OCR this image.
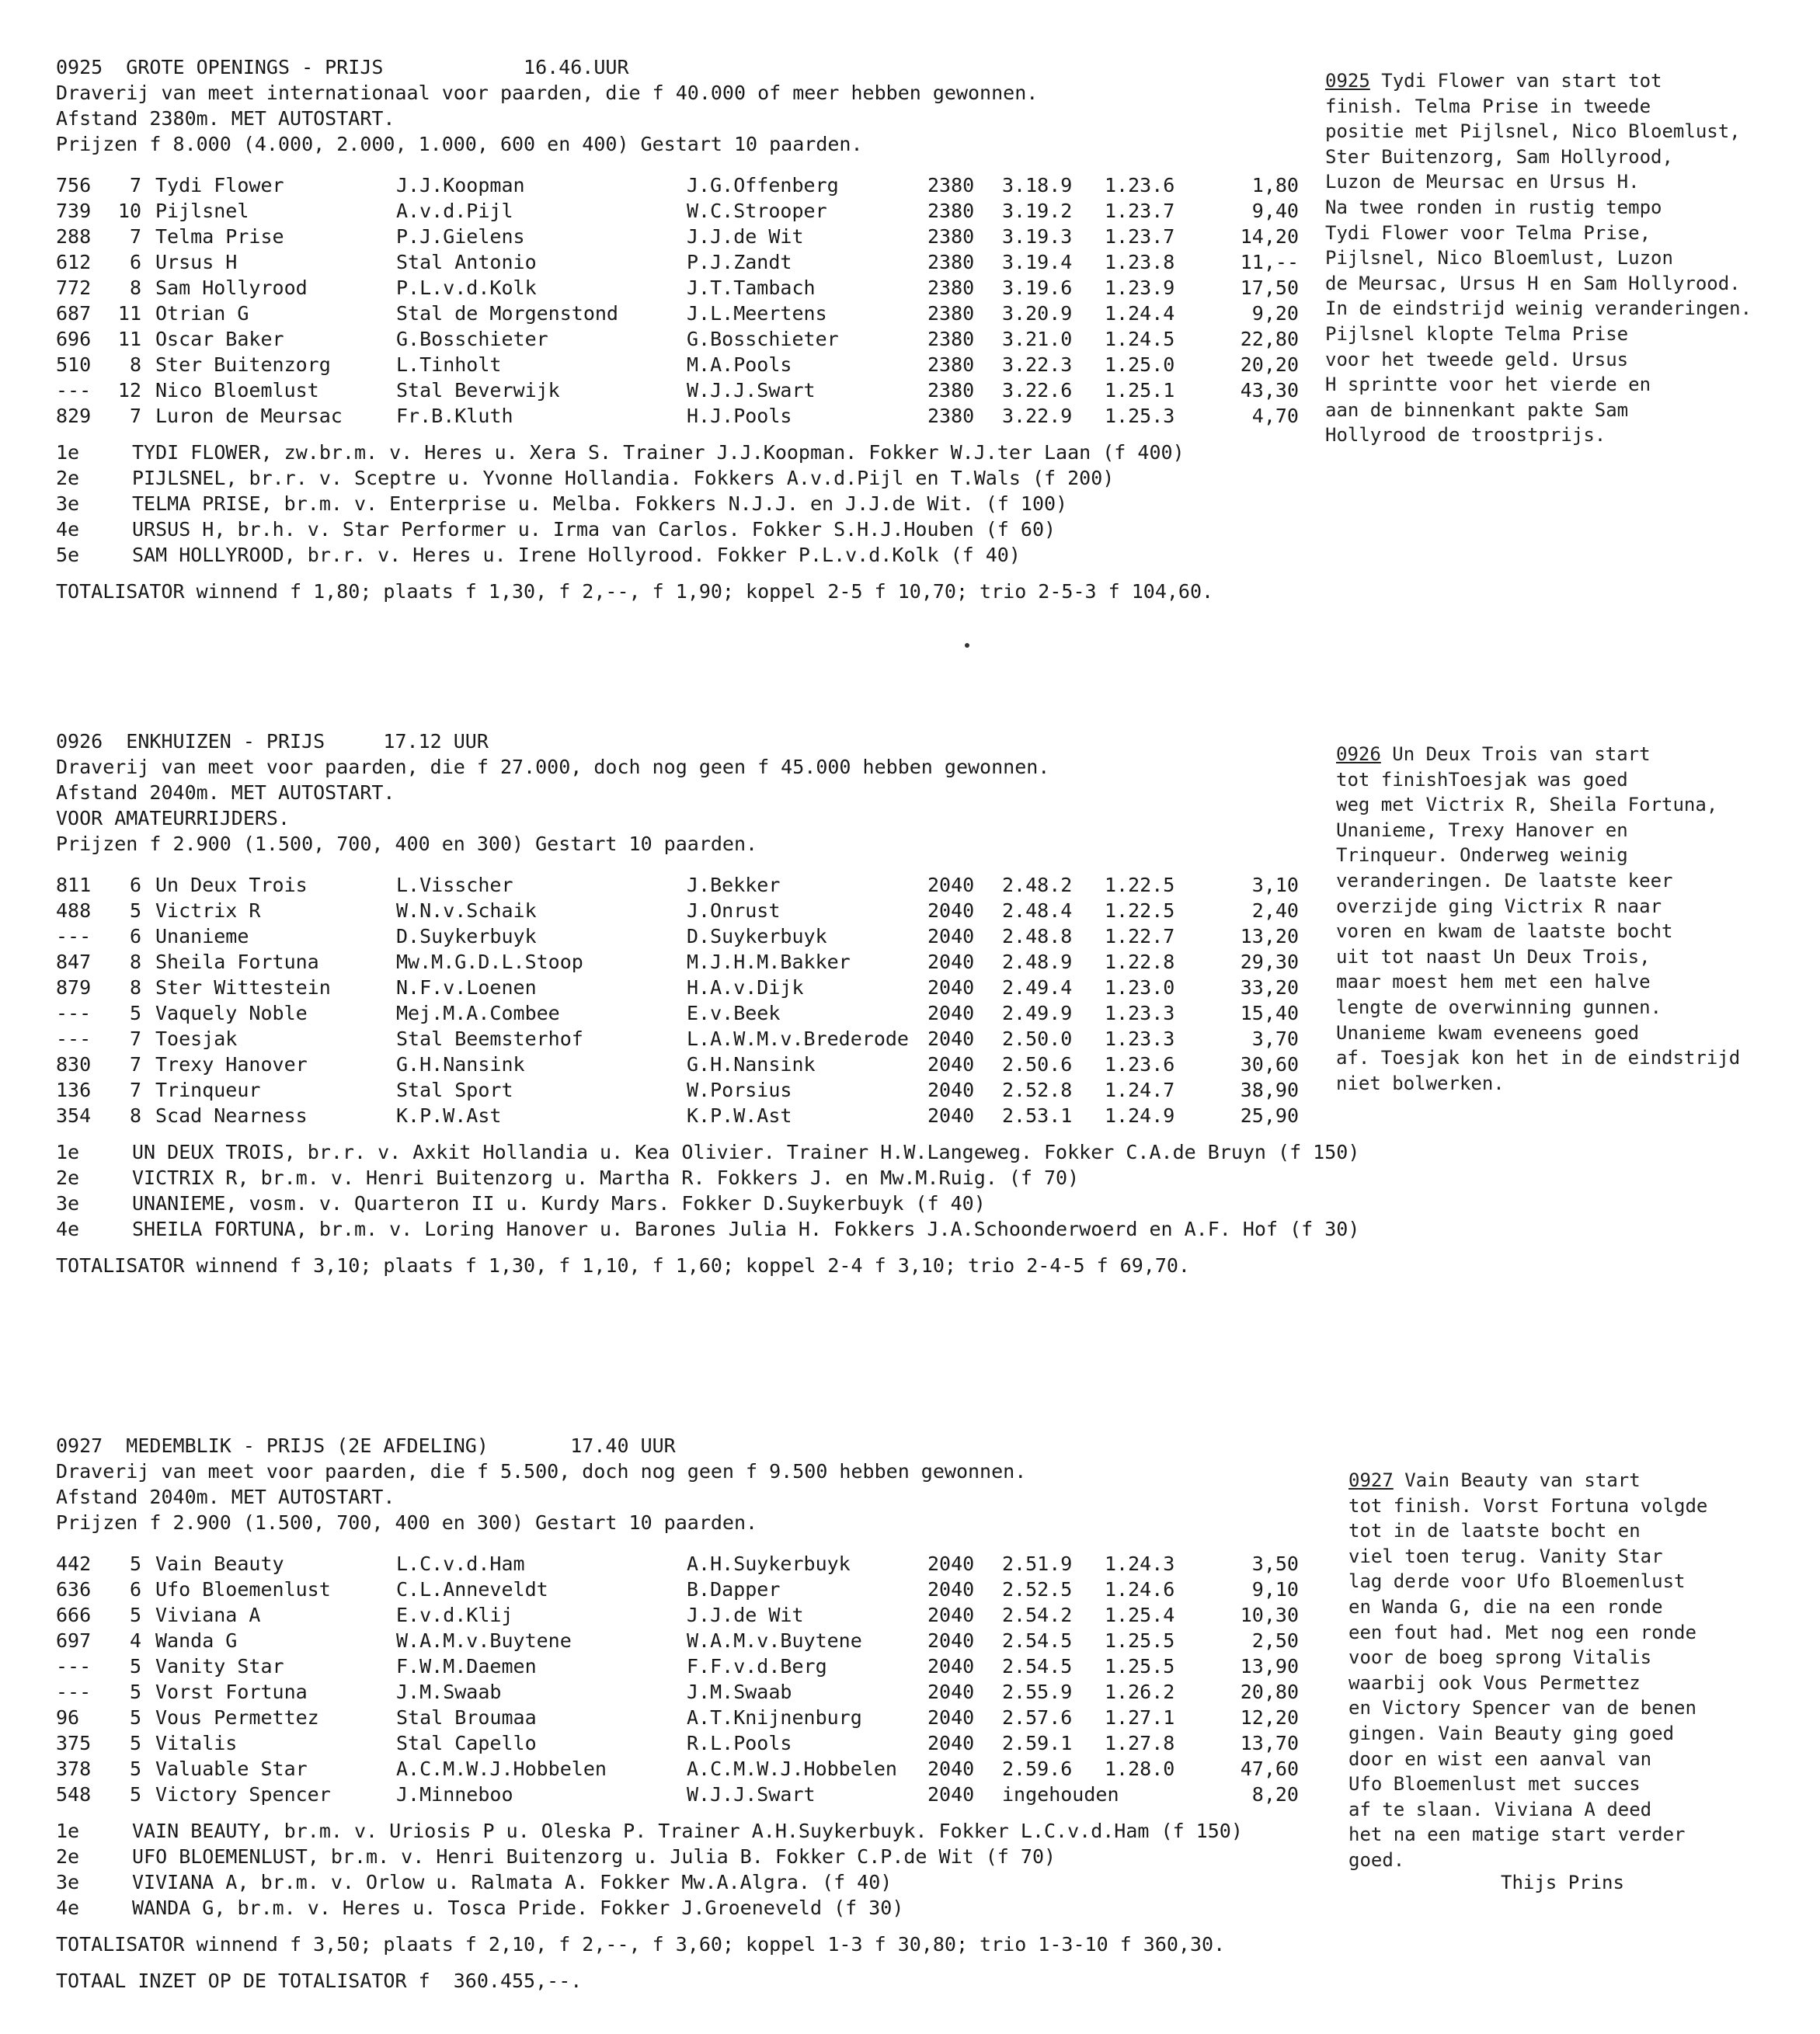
0925  GROTE OPENINGS - PRIJS            16.46.UUR
Draverij van meet internationaal voor paarden, die f 40.000 of meer hebben gewonnen.
Afstand 2380m. MET AUTOSTART.
Prijzen f 8.000 (4.000, 2.000, 1.000, 600 en 400) Gestart 10 paarden.
756	7 Tydi Flower	J.J.Koopman	J.G.Offenberg	2380 3.18.9 1.23.6	1,80
739	10 Pijlsnel	A.v.d.Pijl	W.C.Strooper	2380 3.19.2 1.23.7	9,40
288	7 Telma Prise	P.J.Gielens	J.J.de Wit	2380 3.19.3 1.23.7	14,20
612	6 Ursus H	Stal Antonio	P.J.Zandt	2380 3.19.4 1.23.8	11,--
772	8 Sam Hollyrood	P.L.v.d.Kolk	J.T.Tambach	2380 3.19.6 1.23.9	17,50
687	11 Otrian G	Stal de Morgenstond	J.L.Meertens	2380 3.20.9 1.24.4	9,20
696	11 Oscar Baker	G.Bosschieter	G.Bosschieter	2380 3.21.0 1.24.5	22,80
510	8 Ster Buitenzorg	L.Tinholt	M.A.Pools	2380 3.22.3 1.25.0	20,20
---	12 Nico Bloemlust	Stal Beverwijk	W.J.J.Swart	2380 3.22.6 1.25.1	43,30
829	7 Luron de Meursac	Fr.B.Kluth	H.J.Pools	2380 3.22.9 1.25.3	4,70
1e	TYDI FLOWER, zw.br.m. v. Heres u. Xera S. Trainer J.J.Koopman. Fokker W.J.ter Laan (f 400)
2e	PIJLSNEL, br.r. v. Sceptre u. Yvonne Hollandia. Fokkers A.v.d.Pijl en T.Wals (f 200)
3e	TELMA PRISE, br.m. v. Enterprise u. Melba. Fokkers N.J.J. en J.J.de Wit. (f 100)
4e	URSUS H, br.h. v. Star Performer u. Irma van Carlos. Fokker S.H.J.Houben (f 60)
5e	SAM HOLLYROOD, br.r. v. Heres u. Irene Hollyrood. Fokker P.L.v.d.Kolk (f 40)
TOTALISATOR winnend f 1,80; plaats f 1,30, f 2,--, f 1,90; koppel 2-5 f 10,70; trio 2-5-3 f 104,60.
0925 Tydi Flower van start tot
finish. Telma Prise in tweede
positie met Pijlsnel, Nico Bloemlust,
Ster Buitenzorg, Sam Hollyrood,
Luzon de Meursac en Ursus H.
Na twee ronden in rustig tempo
Tydi Flower voor Telma Prise,
Pijlsnel, Nico Bloemlust, Luzon
de Meursac, Ursus H en Sam Hollyrood.
In de eindstrijd weinig veranderingen.
Pijlsnel klopte Telma Prise
voor het tweede geld. Ursus
H sprintte voor het vierde en
aan de binnenkant pakte Sam
Hollyrood de troostprijs.
0926  ENKHUIZEN - PRIJS     17.12 UUR
Draverij van meet voor paarden, die f 27.000, doch nog geen f 45.000 hebben gewonnen.
Afstand 2040m. MET AUTOSTART.
VOOR AMATEURRIJDERS.
Prijzen f 2.900 (1.500, 700, 400 en 300) Gestart 10 paarden.
811	6 Un Deux Trois	L.Visscher	J.Bekker	2040 2.48.2 1.22.5	3,10
488	5 Victrix R	W.N.v.Schaik	J.Onrust	2040 2.48.4 1.22.5	2,40
---	6 Unanieme	D.Suykerbuyk	D.Suykerbuyk	2040 2.48.8 1.22.7	13,20
847	8 Sheila Fortuna	Mw.M.G.D.L.Stoop	M.J.H.M.Bakker	2040 2.48.9 1.22.8	29,30
879	8 Ster Wittestein	N.F.v.Loenen	H.A.v.Dijk	2040 2.49.4 1.23.0	33,20
---	5 Vaquely Noble	Mej.M.A.Combee	E.v.Beek	2040 2.49.9 1.23.3	15,40
---	7 Toesjak	Stal Beemsterhof	L.A.W.M.v.Brederode 2040 2.50.0 1.23.3	3,70
830	7 Trexy Hanover	G.H.Nansink	G.H.Nansink	2040 2.50.6 1.23.6	30,60
136	7 Trinqueur	Stal Sport	W.Porsius	2040 2.52.8 1.24.7	38,90
354	8 Scad Nearness	K.P.W.Ast	K.P.W.Ast	2040 2.53.1 1.24.9	25,90
1e	UN DEUX TROIS, br.r. v. Axkit Hollandia u. Kea Olivier. Trainer H.W.Langeweg. Fokker C.A.de Bruyn (f 150)
2e	VICTRIX R, br.m. v. Henri Buitenzorg u. Martha R. Fokkers J. en Mw.M.Ruig. (f 70)
3e	UNANIEME, vosm. v. Quarteron II u. Kurdy Mars. Fokker D.Suykerbuyk (f 40)
4e	SHEILA FORTUNA, br.m. v. Loring Hanover u. Barones Julia H. Fokkers J.A.Schoonderwoerd en A.F. Hof (f 30)
TOTALISATOR winnend f 3,10; plaats f 1,30, f 1,10, f 1,60; koppel 2-4 f 3,10; trio 2-4-5 f 69,70.
0926 Un Deux Trois van start
tot finishToesjak was goed
weg met Victrix R, Sheila Fortuna,
Unanieme, Trexy Hanover en
Trinqueur. Onderweg weinig
veranderingen. De laatste keer
overzijde ging Victrix R naar
voren en kwam de laatste bocht
uit tot naast Un Deux Trois,
maar moest hem met een halve
lengte de overwinning gunnen.
Unanieme kwam eveneens goed
af. Toesjak kon het in de eindstrijd
niet bolwerken.
0927  MEDEMBLIK - PRIJS (2E AFDELING)       17.40 UUR
Draverij van meet voor paarden, die f 5.500, doch nog geen f 9.500 hebben gewonnen.
Afstand 2040m. MET AUTOSTART.
Prijzen f 2.900 (1.500, 700, 400 en 300) Gestart 10 paarden.
442	5 Vain Beauty	L.C.v.d.Ham	A.H.Suykerbuyk	2040 2.51.9 1.24.3	3,50
636	6 Ufo Bloemenlust	C.L.Anneveldt	B.Dapper	2040 2.52.5 1.24.6	9,10
666	5 Viviana A	E.v.d.Klij	J.J.de Wit	2040 2.54.2 1.25.4	10,30
697	4 Wanda G	W.A.M.v.Buytene	W.A.M.v.Buytene	2040 2.54.5 1.25.5	2,50
---	5 Vanity Star	F.W.M.Daemen	F.F.v.d.Berg	2040 2.54.5 1.25.5	13,90
---	5 Vorst Fortuna	J.M.Swaab	J.M.Swaab	2040 2.55.9 1.26.2	20,80
96	5 Vous Permettez	Stal Broumaa	A.T.Knijnenburg	2040 2.57.6 1.27.1	12,20
375	5 Vitalis	Stal Capello	R.L.Pools	2040 2.59.1 1.27.8	13,70
378	5 Valuable Star	A.C.M.W.J.Hobbelen	A.C.M.W.J.Hobbelen 2040 2.59.6 1.28.0	47,60
548	5 Victory Spencer	J.Minneboo	W.J.J.Swart	2040 ingehouden	8,20
1e	VAIN BEAUTY, br.m. v. Uriosis P u. Oleska P. Trainer A.H.Suykerbuyk. Fokker L.C.v.d.Ham (f 150)
2e	UFO BLOEMENLUST, br.m. v. Henri Buitenzorg u. Julia B. Fokker C.P.de Wit (f 70)
3e	VIVIANA A, br.m. v. Orlow u. Ralmata A. Fokker Mw.A.Algra. (f 40)
4e	WANDA G, br.m. v. Heres u. Tosca Pride. Fokker J.Groeneveld (f 30)
TOTALISATOR winnend f 3,50; plaats f 2,10, f 2,--, f 3,60; koppel 1-3 f 30,80; trio 1-3-10 f 360,30.
TOTAAL INZET OP DE TOTALISATOR f  360.455,--.
0927 Vain Beauty van start
tot finish. Vorst Fortuna volgde
tot in de laatste bocht en
viel toen terug. Vanity Star
lag derde voor Ufo Bloemenlust
en Wanda G, die na een ronde
een fout had. Met nog een ronde
voor de boeg sprong Vitalis
waarbij ook Vous Permettez
en Victory Spencer van de benen
gingen. Vain Beauty ging goed
door en wist een aanval van
Ufo Bloemenlust met succes
af te slaan. Viviana A deed
het na een matige start verder
goed.
Thijs Prins
